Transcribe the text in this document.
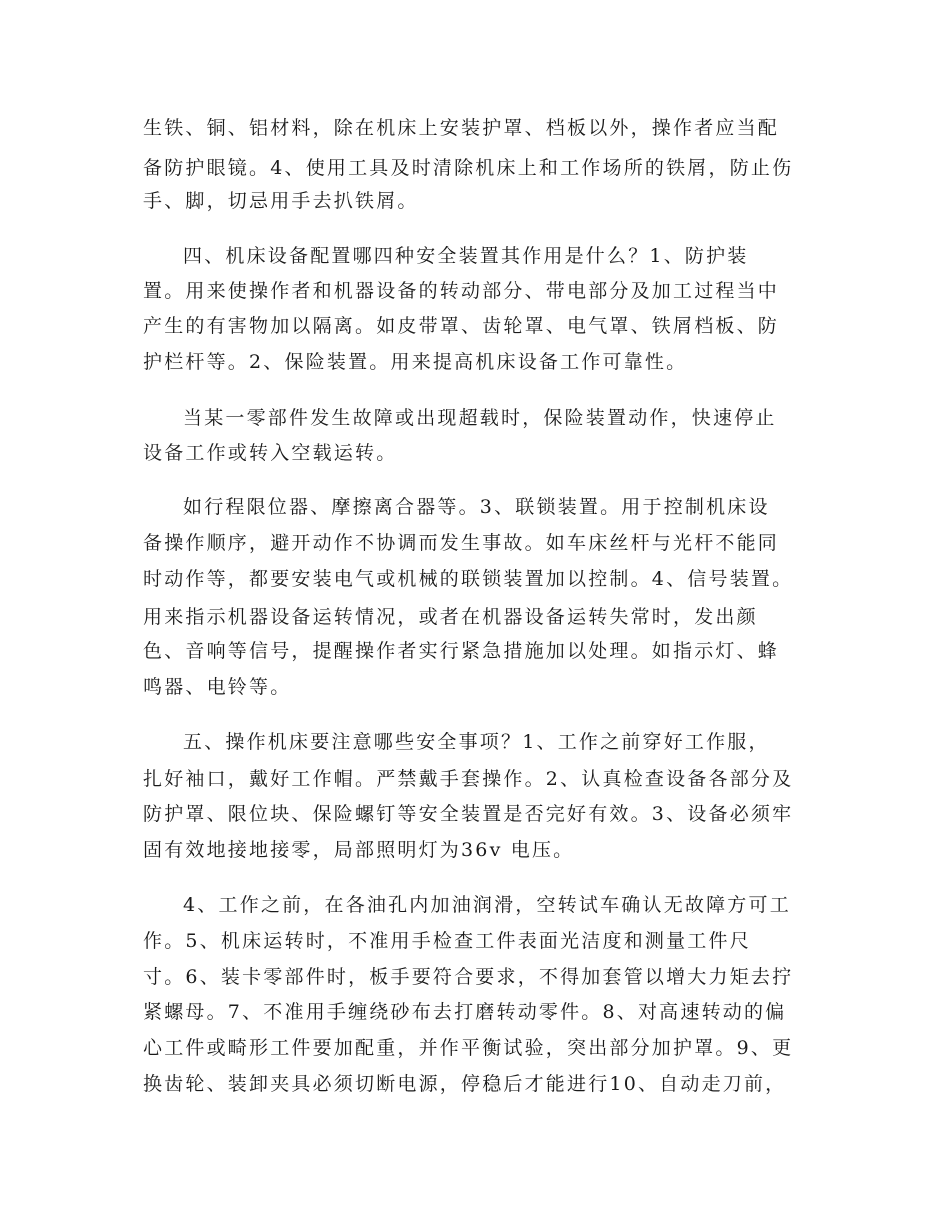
生铁、铜、铝材料，除在机床上安装护罩、档板以外，操作者应当配
备防护眼镜。4、使用工具及时清除机床上和工作场所的铁屑，防止伤
手、脚，切忌用手去扒铁屑。
四、机床设备配置哪四种安全装置其作用是什么？1、防护装
置。用来使操作者和机器设备的转动部分、带电部分及加工过程当中
产生的有害物加以隔离。如皮带罩、齿轮罩、电气罩、铁屑档板、防
护栏杆等。2、保险装置。用来提高机床设备工作可靠性。
当某一零部件发生故障或出现超载时，保险装置动作，快速停止
设备工作或转入空载运转。
如行程限位器、摩擦离合器等。3、联锁装置。用于控制机床设
备操作顺序，避开动作不协调而发生事故。如车床丝杆与光杆不能同
时动作等，都要安装电气或机械的联锁装置加以控制。4、信号装置。
用来指示机器设备运转情况，或者在机器设备运转失常时，发出颜
色、音响等信号，提醒操作者实行紧急措施加以处理。如指示灯、蜂
鸣器、电铃等。
五、操作机床要注意哪些安全事项？1、工作之前穿好工作服，
扎好袖口，戴好工作帽。严禁戴手套操作。2、认真检查设备各部分及
防护罩、限位块、保险螺钉等安全装置是否完好有效。3、设备必须牢
固有效地接地接零，局部照明灯为36v 电压。
4、工作之前，在各油孔内加油润滑，空转试车确认无故障方可工
作。5、机床运转时，不准用手检查工件表面光洁度和测量工件尺
寸。6、装卡零部件时，板手要符合要求，不得加套管以增大力矩去拧
紧螺母。7、不准用手缠绕砂布去打磨转动零件。8、对高速转动的偏
心工件或畸形工件要加配重，并作平衡试验，突出部分加护罩。9、更
换齿轮、装卸夹具必须切断电源，停稳后才能进行10、自动走刀前，
